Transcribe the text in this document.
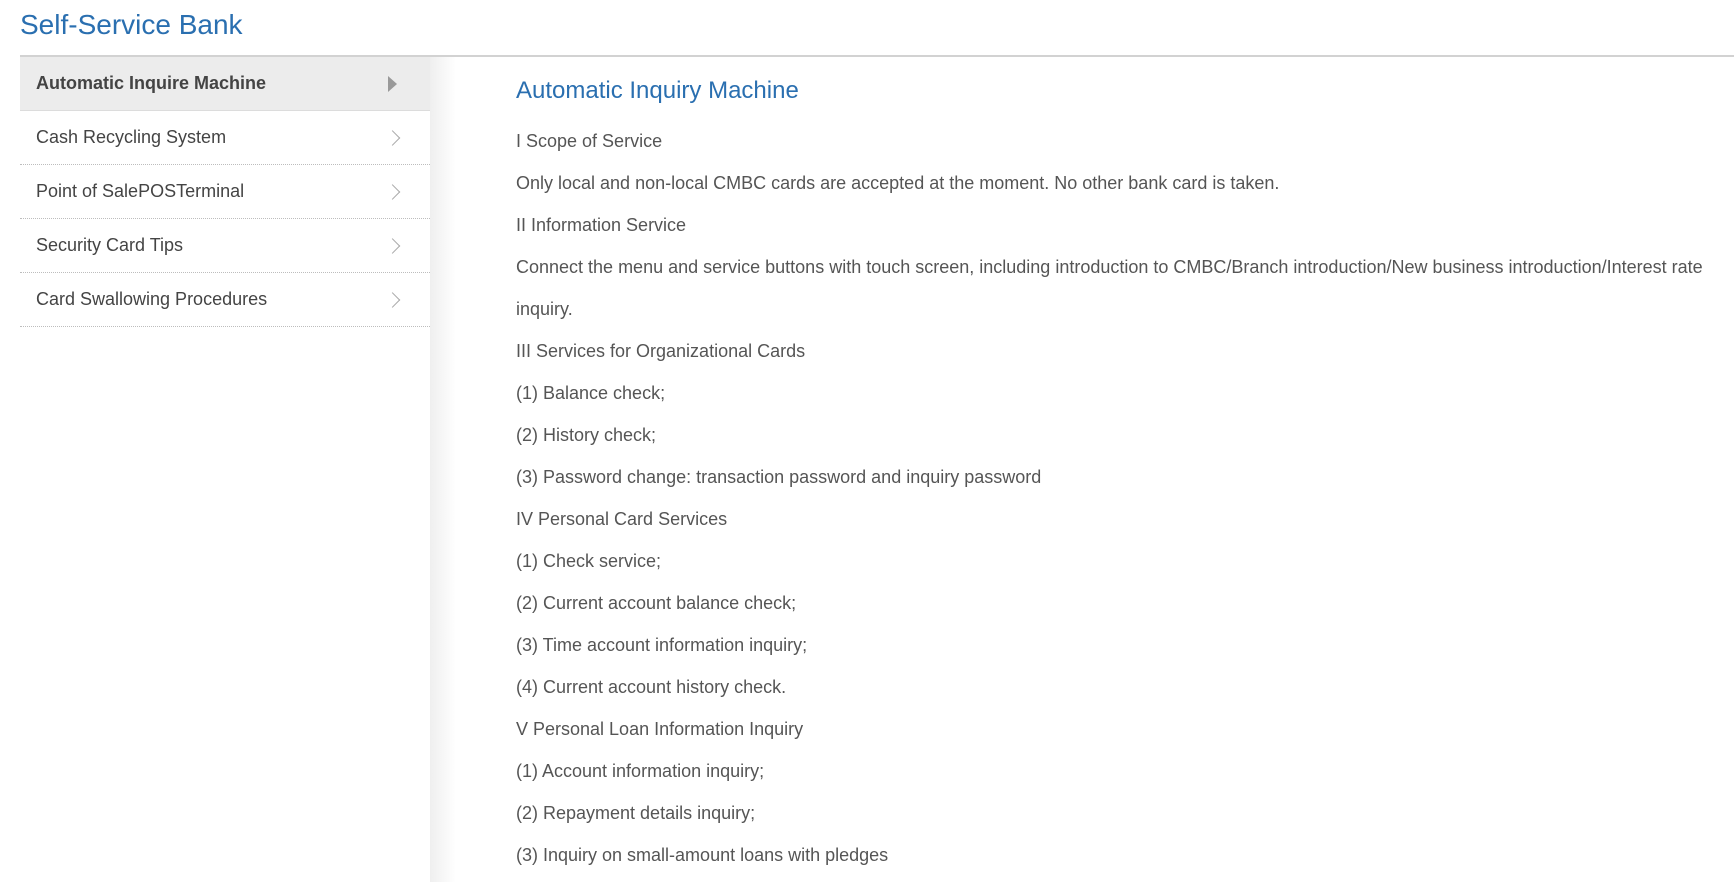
Self-Service Bank
Automatic Inquire Machine
Cash Recycling System
Point of SalePOSTerminal
Security Card Tips
Card Swallowing Procedures
Automatic Inquiry Machine

I Scope of Service

Only local and non-local CMBC cards are accepted at the moment. No other bank card is taken.

II Information Service

Connect the menu and service buttons with touch screen, including introduction to CMBC/Branch introduction/New business introduction/Interest rate inquiry.

III Services for Organizational Cards

(1) Balance check;

(2) History check;

(3) Password change: transaction password and inquiry password

IV Personal Card Services

(1) Check service;

(2) Current account balance check;

(3) Time account information inquiry;

(4) Current account history check.

V Personal Loan Information Inquiry

(1) Account information inquiry;

(2) Repayment details inquiry;

(3) Inquiry on small-amount loans with pledges
